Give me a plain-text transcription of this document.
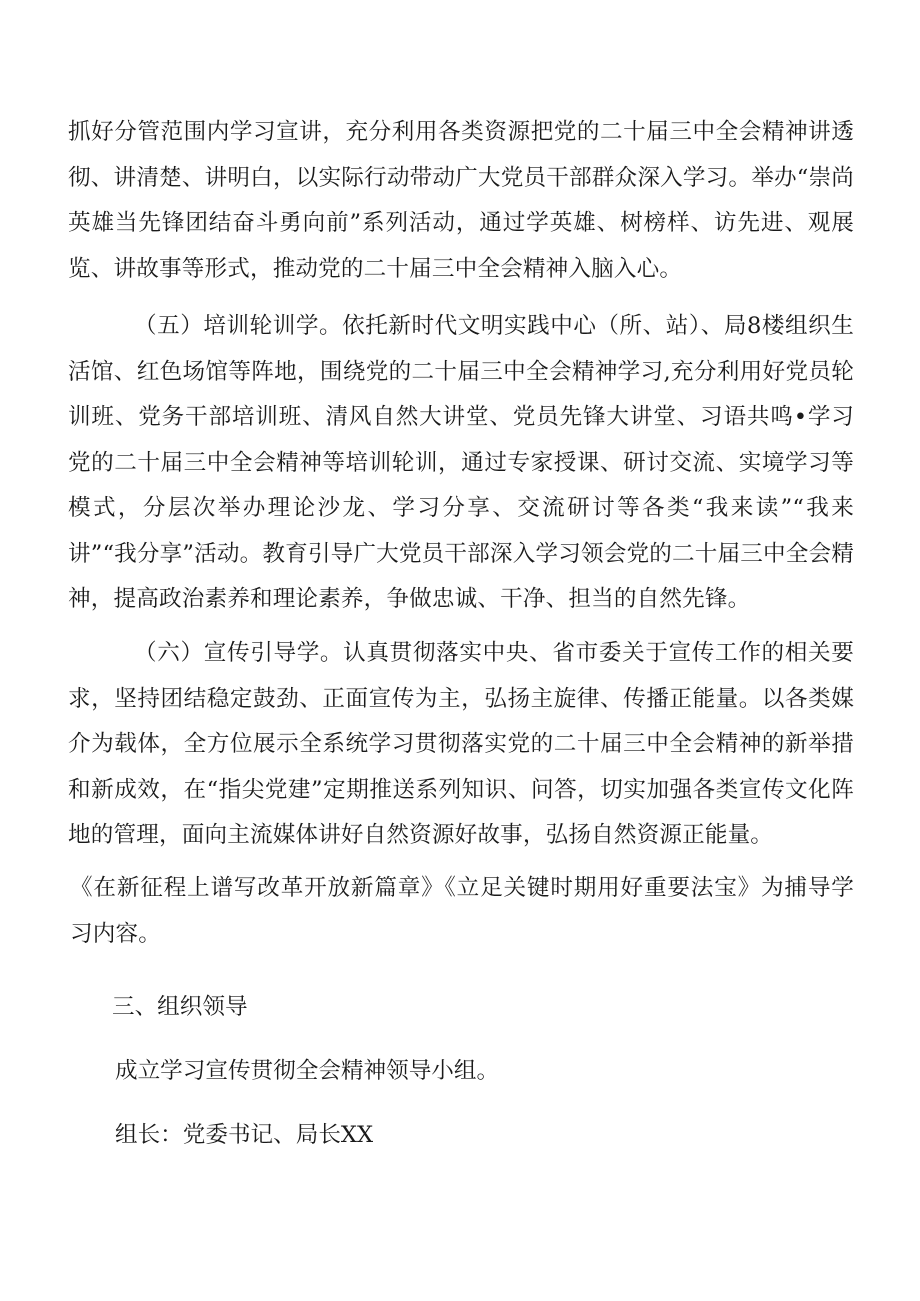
抓好分管范围内学习宣讲，充分利用各类资源把党的二十届三中全会精神讲透彻、讲清楚、讲明白，以实际行动带动广大党员干部群众深入学习。举办“崇尚英雄当先锋团结奋斗勇向前”系列活动，通过学英雄、树榜样、访先进、观展览、讲故事等形式，推动党的二十届三中全会精神入脑入心。

（五）培训轮训学。依托新时代文明实践中心（所、站）、局8楼组织生活馆、红色场馆等阵地，围绕党的二十届三中全会精神学习,充分利用好党员轮训班、党务干部培训班、清风自然大讲堂、党员先锋大讲堂、习语共鸣•学习党的二十届三中全会精神等培训轮训，通过专家授课、研讨交流、实境学习等模式，分层次举办理论沙龙、学习分享、交流研讨等各类“我来读”“我来讲”“我分享”活动。教育引导广大党员干部深入学习领会党的二十届三中全会精神，提高政治素养和理论素养，争做忠诚、干净、担当的自然先锋。

（六）宣传引导学。认真贯彻落实中央、省市委关于宣传工作的相关要求，坚持团结稳定鼓劲、正面宣传为主，弘扬主旋律、传播正能量。以各类媒介为载体，全方位展示全系统学习贯彻落实党的二十届三中全会精神的新举措和新成效，在“指尖党建”定期推送系列知识、问答，切实加强各类宣传文化阵地的管理，面向主流媒体讲好自然资源好故事，弘扬自然资源正能量。

《在新征程上谱写改革开放新篇章》《立足关键时期用好重要法宝》为捕导学习内容。

三、组织领导
成立学习宣传贯彻全会精神领导小组。
组长：党委书记、局长XX
